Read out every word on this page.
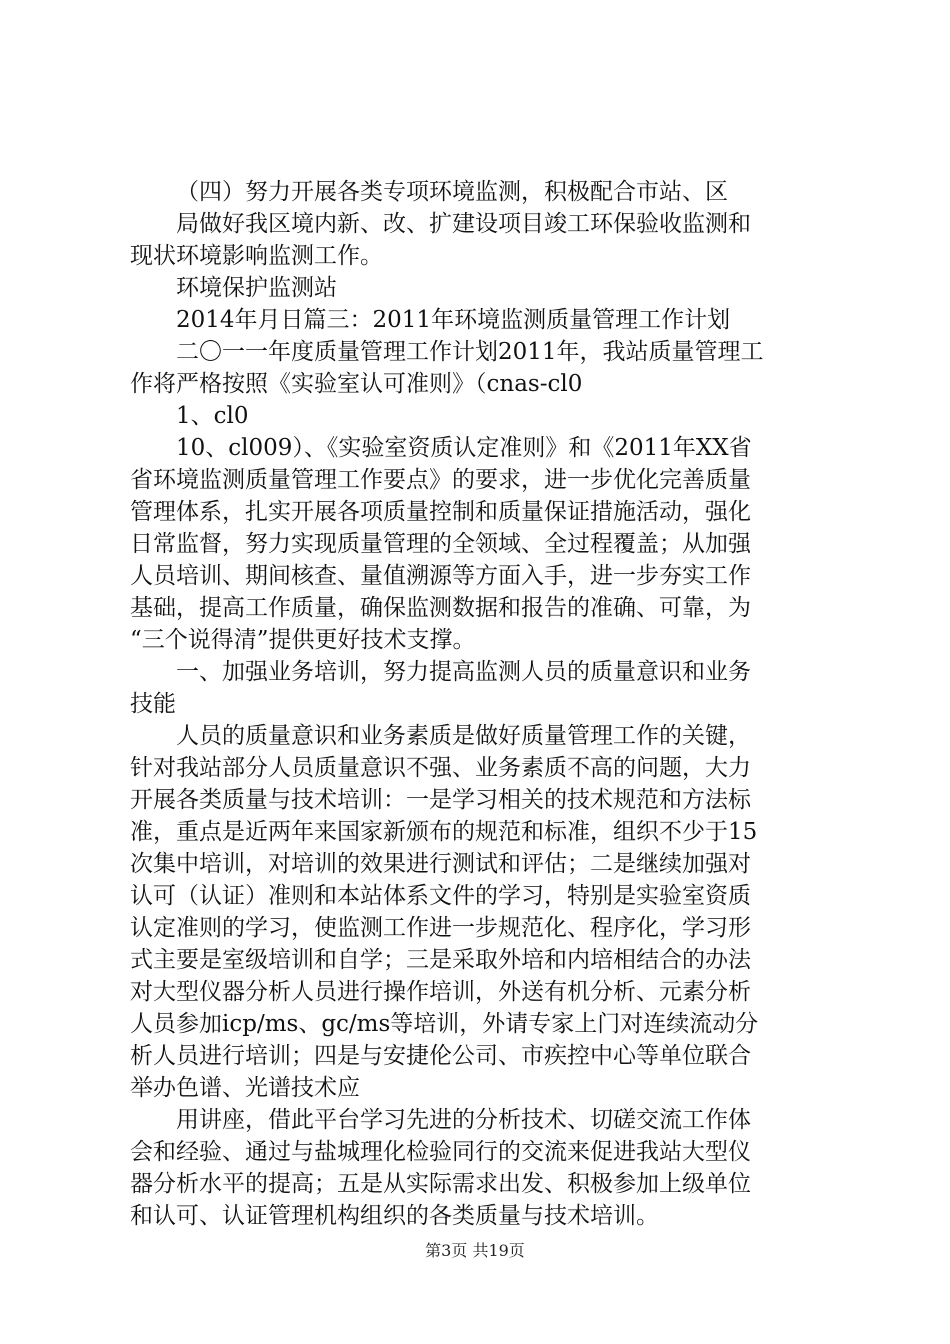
（四）努力开展各类专项环境监测，积极配合市站、区
局做好我区境内新、改、扩建设项目竣工环保验收监测和
现状环境影响监测工作。
环境保护监测站
2014年月日篇三：2011年环境监测质量管理工作计划
二〇一一年度质量管理工作计划2011年，我站质量管理工
作将严格按照《实验室认可准则》（cnas-cl0
1、cl0
10、cl009）、《实验室资质认定准则》和《2011年XX省
省环境监测质量管理工作要点》的要求，进一步优化完善质量
管理体系，扎实开展各项质量控制和质量保证措施活动，强化
日常监督，努力实现质量管理的全领域、全过程覆盖；从加强
人员培训、期间核查、量值溯源等方面入手，进一步夯实工作
基础，提高工作质量，确保监测数据和报告的准确、可靠，为
“三个说得清”提供更好技术支撑。
一、加强业务培训，努力提高监测人员的质量意识和业务
技能
人员的质量意识和业务素质是做好质量管理工作的关键，
针对我站部分人员质量意识不强、业务素质不高的问题，大力
开展各类质量与技术培训：一是学习相关的技术规范和方法标
准，重点是近两年来国家新颁布的规范和标准，组织不少于15
次集中培训，对培训的效果进行测试和评估；二是继续加强对
认可（认证）准则和本站体系文件的学习，特别是实验室资质
认定准则的学习，使监测工作进一步规范化、程序化，学习形
式主要是室级培训和自学；三是采取外培和内培相结合的办法
对大型仪器分析人员进行操作培训，外送有机分析、元素分析
人员参加icp/ms、gc/ms等培训，外请专家上门对连续流动分
析人员进行培训；四是与安捷伦公司、市疾控中心等单位联合
举办色谱、光谱技术应
用讲座，借此平台学习先进的分析技术、切磋交流工作体
会和经验、通过与盐城理化检验同行的交流来促进我站大型仪
器分析水平的提高；五是从实际需求出发、积极参加上级单位
和认可、认证管理机构组织的各类质量与技术培训。
第3页 共19页
